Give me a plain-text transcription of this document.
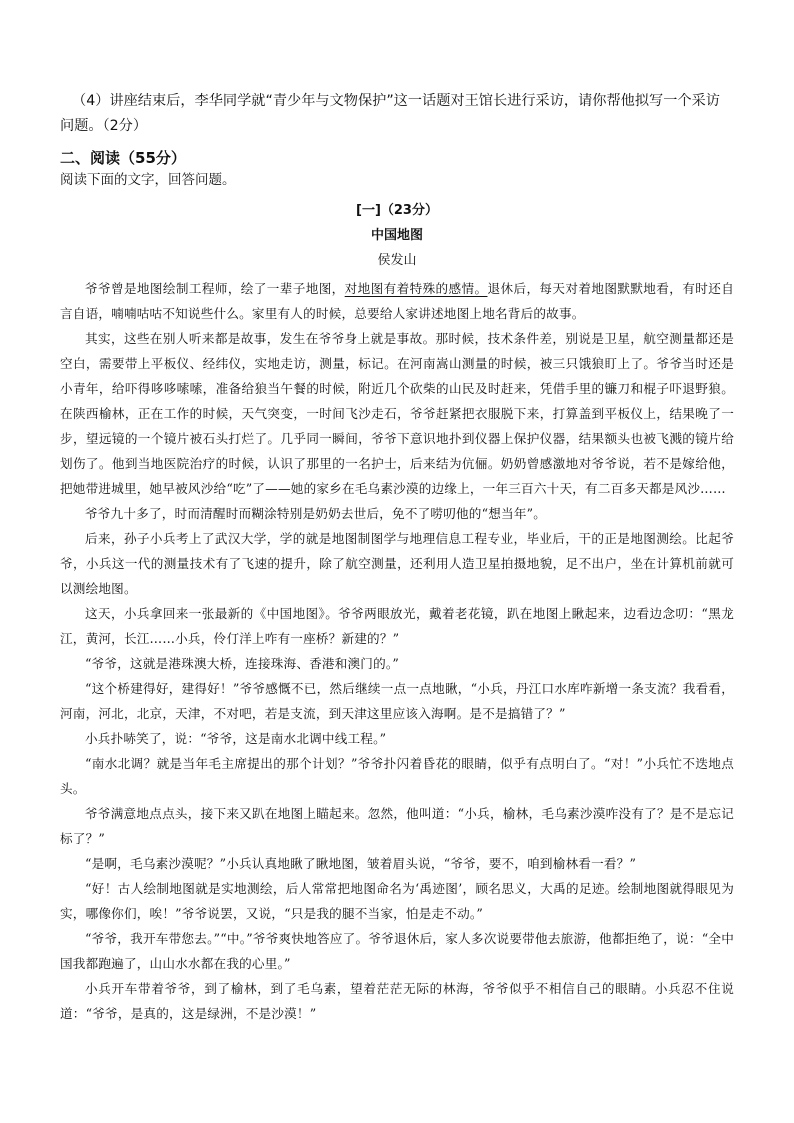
（4）讲座结束后，李华同学就“青少年与文物保护”这一话题对王馆长进行采访，请你帮他拟写一个采访问题。（2分）

二、阅读（55分）
阅读下面的文字，回答问题。
[一]（23分）
中国地图
侯发山

爷爷曾是地图绘制工程师，绘了一辈子地图，对地图有着特殊的感情。退休后，每天对着地图默默地看，有时还自言自语，喃喃咕咕不知说些什么。家里有人的时候，总要给人家讲述地图上地名背后的故事。

其实，这些在别人听来都是故事，发生在爷爷身上就是事故。那时候，技术条件差，别说是卫星，航空测量都还是空白，需要带上平板仪、经纬仪，实地走访，测量，标记。在河南嵩山测量的时候，被三只饿狼盯上了。爷爷当时还是小青年，给吓得哆哆嗦嗦，准备给狼当午餐的时候，附近几个砍柴的山民及时赶来，凭借手里的镰刀和棍子吓退野狼。在陕西榆林，正在工作的时候，天气突变，一时间飞沙走石，爷爷赶紧把衣服脱下来，打算盖到平板仪上，结果晚了一步，望远镜的一个镜片被石头打烂了。几乎同一瞬间，爷爷下意识地扑到仪器上保护仪器，结果额头也被飞溅的镜片给划伤了。他到当地医院治疗的时候，认识了那里的一名护士，后来结为伉俪。奶奶曾感激地对爷爷说，若不是嫁给他，把她带进城里，她早被风沙给“吃”了——她的家乡在毛乌素沙漠的边缘上，一年三百六十天，有二百多天都是风沙……

爷爷九十多了，时而清醒时而糊涂特别是奶奶去世后，免不了唠叨他的“想当年”。

后来，孙子小兵考上了武汉大学，学的就是地图制图学与地理信息工程专业，毕业后，干的正是地图测绘。比起爷爷，小兵这一代的测量技术有了飞速的提升，除了航空测量，还利用人造卫星拍摄地貌，足不出户，坐在计算机前就可以测绘地图。

这天，小兵拿回来一张最新的《中国地图》。爷爷两眼放光，戴着老花镜，趴在地图上瞅起来，边看边念叨：“黑龙江，黄河，长江……小兵，伶仃洋上咋有一座桥？新建的？”

“爷爷，这就是港珠澳大桥，连接珠海、香港和澳门的。”

“这个桥建得好，建得好！”爷爷感慨不已，然后继续一点一点地瞅，“小兵，丹江口水库咋新增一条支流？我看看，河南，河北，北京，天津，不对吧，若是支流，到天津这里应该入海啊。是不是搞错了？”

小兵扑哧笑了，说：“爷爷，这是南水北调中线工程。”

“南水北调？就是当年毛主席提出的那个计划？”爷爷扑闪着昏花的眼睛，似乎有点明白了。“对！”小兵忙不迭地点头。

爷爷满意地点点头，接下来又趴在地图上瞄起来。忽然，他叫道：“小兵，榆林，毛乌素沙漠咋没有了？是不是忘记标了？”

“是啊，毛乌素沙漠呢？”小兵认真地瞅了瞅地图，皱着眉头说，“爷爷，要不，咱到榆林看一看？”

“好！古人绘制地图就是实地测绘，后人常常把地图命名为‘禹迹图’，顾名思义，大禹的足迹。绘制地图就得眼见为实，哪像你们，唉！”爷爷说罢，又说，“只是我的腿不当家，怕是走不动。”

“爷爷，我开车带您去。”“中。”爷爷爽快地答应了。爷爷退休后，家人多次说要带他去旅游，他都拒绝了，说：“全中国我都跑遍了，山山水水都在我的心里。”

小兵开车带着爷爷，到了榆林，到了毛乌素，望着茫茫无际的林海，爷爷似乎不相信自己的眼睛。小兵忍不住说道：“爷爷，是真的，这是绿洲，不是沙漠！”
